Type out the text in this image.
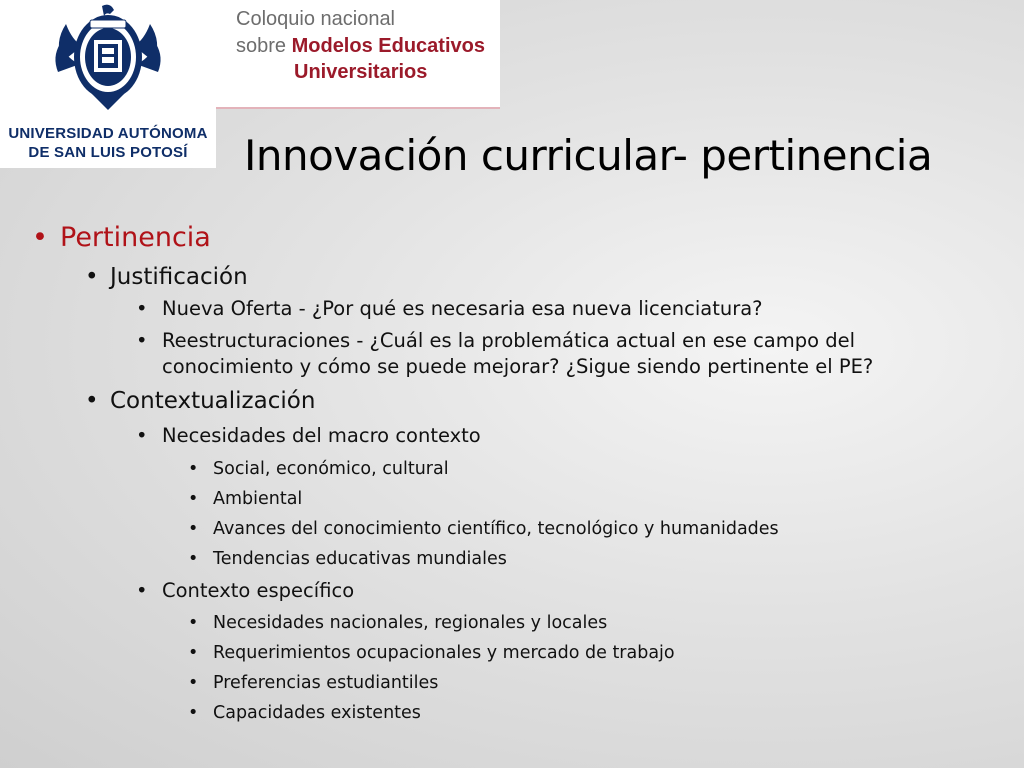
UNIVERSIDAD AUTÓNOMA
DE SAN LUIS POTOSÍ
Coloquio nacional
sobre Modelos Educativos
Universitarios
Innovación curricular- pertinencia
• Pertinencia
• Justificación
• Nueva Oferta - ¿Por qué es necesaria esa nueva licenciatura?
• Reestructuraciones - ¿Cuál es la problemática actual en ese campo del conocimiento y cómo se puede mejorar? ¿Sigue siendo pertinente el PE?
• Contextualización
• Necesidades del macro contexto
• Social, económico, cultural
• Ambiental
• Avances del conocimiento científico, tecnológico y humanidades
• Tendencias educativas mundiales
• Contexto específico
• Necesidades nacionales, regionales y locales
• Requerimientos ocupacionales y mercado de trabajo
• Preferencias estudiantiles
• Capacidades existentes
